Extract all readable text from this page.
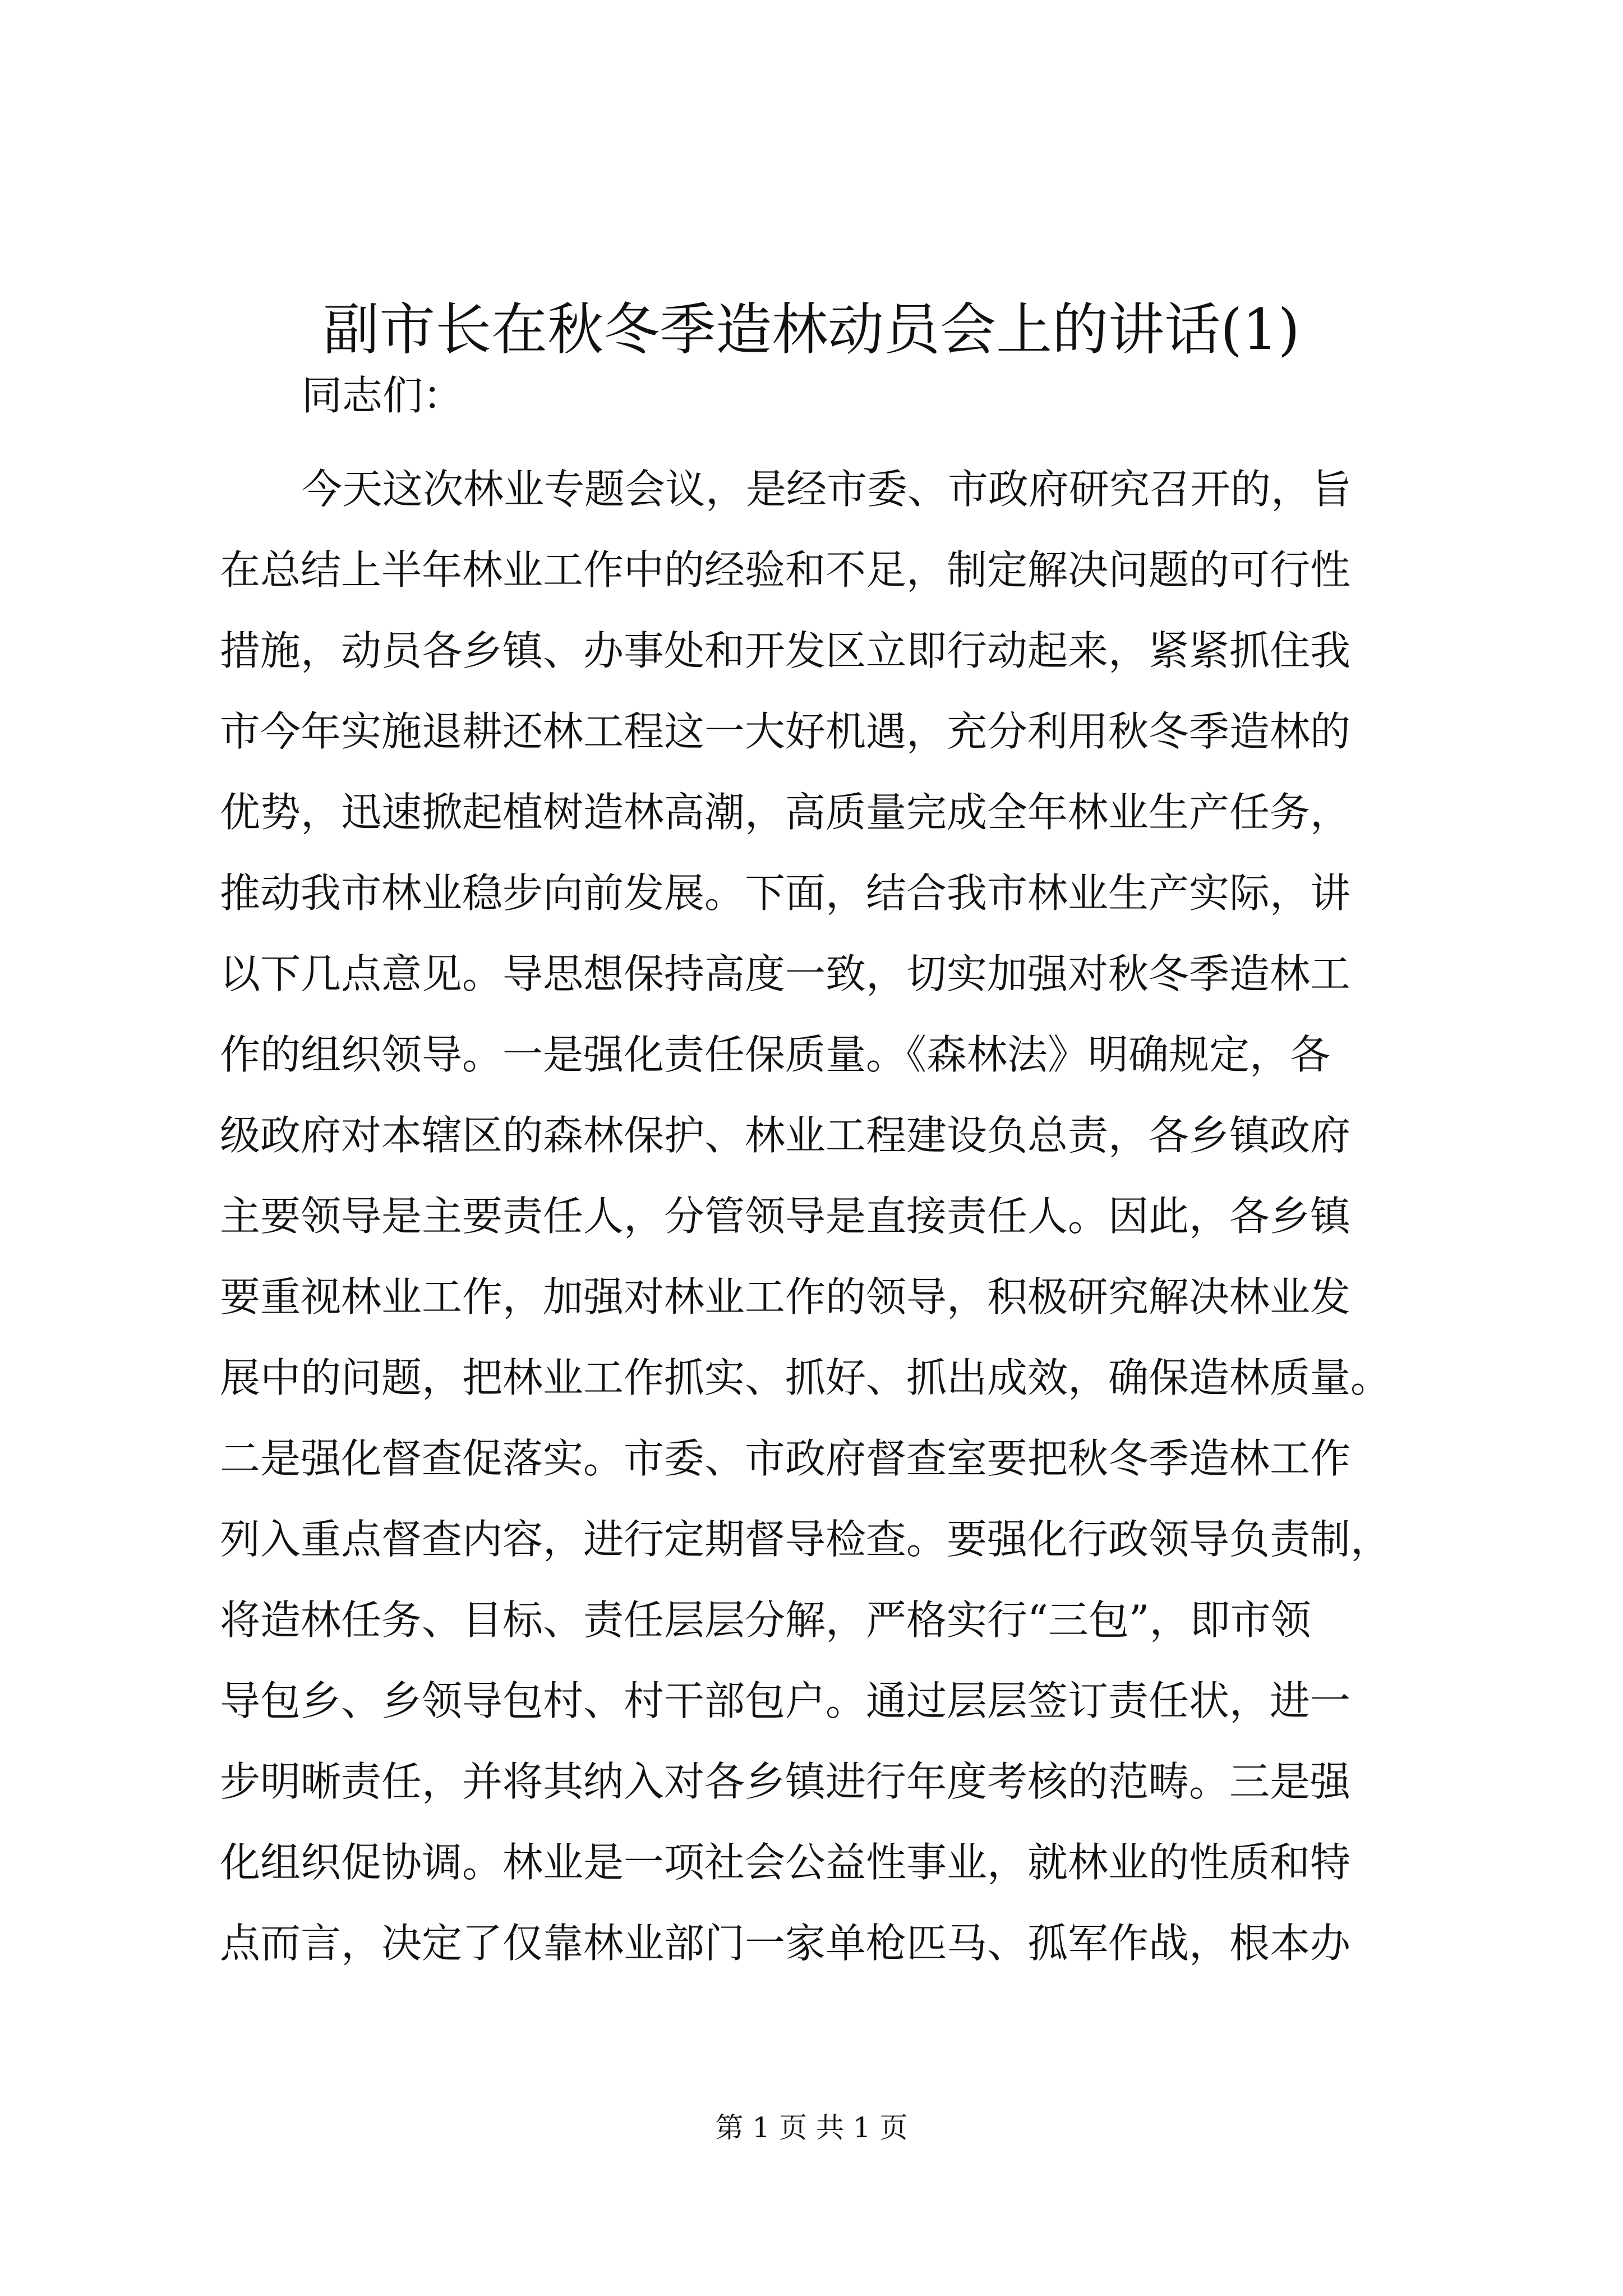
副市长在秋冬季造林动员会上的讲话(1)
同志们：
今天这次林业专题会议，是经市委、市政府研究召开的，旨
在总结上半年林业工作中的经验和不足，制定解决问题的可行性
措施，动员各乡镇、办事处和开发区立即行动起来，紧紧抓住我
市今年实施退耕还林工程这一大好机遇，充分利用秋冬季造林的
优势，迅速掀起植树造林高潮，高质量完成全年林业生产任务，
推动我市林业稳步向前发展。下面，结合我市林业生产实际，讲
以下几点意见。导思想保持高度一致，切实加强对秋冬季造林工
作的组织领导。一是强化责任保质量。《森林法》明确规定，各
级政府对本辖区的森林保护、林业工程建设负总责，各乡镇政府
主要领导是主要责任人，分管领导是直接责任人。因此，各乡镇
要重视林业工作，加强对林业工作的领导，积极研究解决林业发
展中的问题，把林业工作抓实、抓好、抓出成效，确保造林质量。
二是强化督查促落实。市委、市政府督查室要把秋冬季造林工作
列入重点督查内容，进行定期督导检查。要强化行政领导负责制，
将造林任务、目标、责任层层分解，严格实行“三包”，即市领
导包乡、乡领导包村、村干部包户。通过层层签订责任状，进一
步明晰责任，并将其纳入对各乡镇进行年度考核的范畴。三是强
化组织促协调。林业是一项社会公益性事业，就林业的性质和特
点而言，决定了仅靠林业部门一家单枪匹马、孤军作战，根本办
第 1 页 共 1 页
